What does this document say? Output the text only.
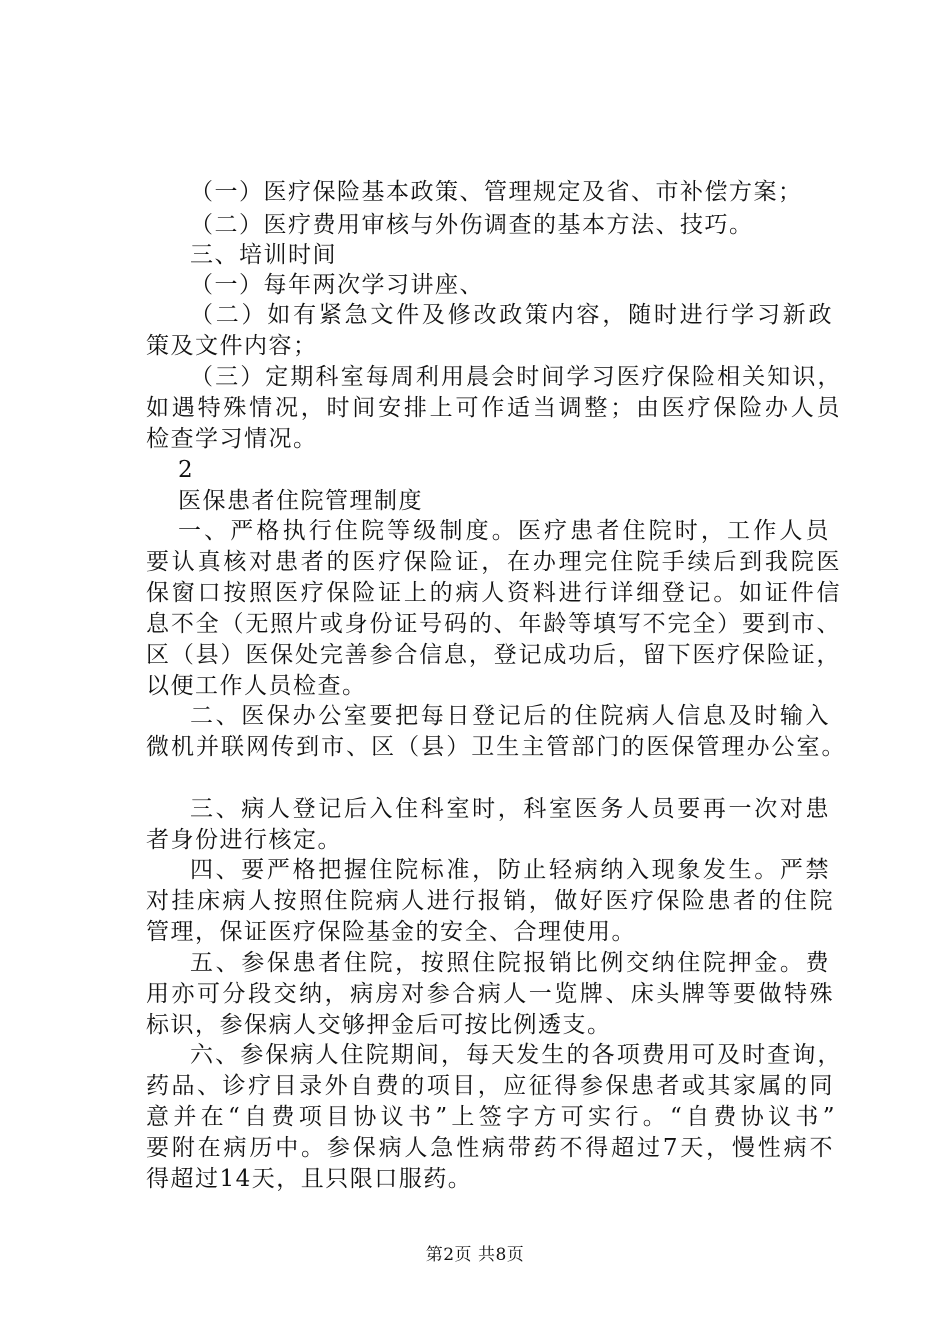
（一）医疗保险基本政策、管理规定及省、市补偿方案；
（二）医疗费用审核与外伤调查的基本方法、技巧。
三、培训时间
（一）每年两次学习讲座、
（二）如有紧急文件及修改政策内容，随时进行学习新政
策及文件内容；
（三）定期科室每周利用晨会时间学习医疗保险相关知识，
如遇特殊情况，时间安排上可作适当调整；由医疗保险办人员
检查学习情况。
2
医保患者住院管理制度
一、严格执行住院等级制度。医疗患者住院时，工作人员
要认真核对患者的医疗保险证，在办理完住院手续后到我院医
保窗口按照医疗保险证上的病人资料进行详细登记。如证件信
息不全（无照片或身份证号码的、年龄等填写不完全）要到市、
区（县）医保处完善参合信息，登记成功后，留下医疗保险证，
以便工作人员检查。
二、医保办公室要把每日登记后的住院病人信息及时输入
微机并联网传到市、区（县）卫生主管部门的医保管理办公室。
三、病人登记后入住科室时，科室医务人员要再一次对患
者身份进行核定。
四、要严格把握住院标准，防止轻病纳入现象发生。严禁
对挂床病人按照住院病人进行报销，做好医疗保险患者的住院
管理，保证医疗保险基金的安全、合理使用。
五、参保患者住院，按照住院报销比例交纳住院押金。费
用亦可分段交纳，病房对参合病人一览牌、床头牌等要做特殊
标识，参保病人交够押金后可按比例透支。
六、参保病人住院期间，每天发生的各项费用可及时查询，
药品、诊疗目录外自费的项目，应征得参保患者或其家属的同
意并在“自费项目协议书”上签字方可实行。“自费协议书”
要附在病历中。参保病人急性病带药不得超过7天，慢性病不
得超过14天，且只限口服药。
第2页 共8页
